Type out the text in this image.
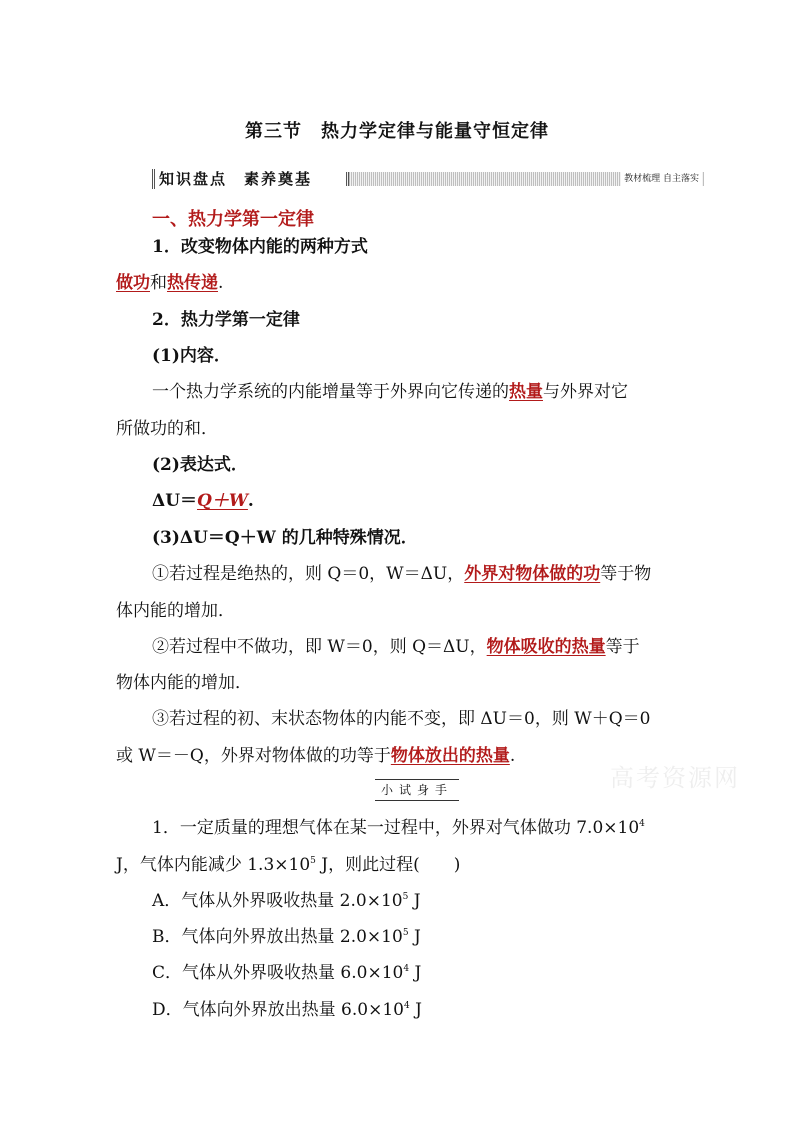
第三节　热力学定律与能量守恒定律
知识盘点　素养奠基	教材梳理 自主落实
一、热力学第一定律
1．改变物体内能的两种方式
做功和热传递.
2．热力学第一定律
(1)内容．
一个热力学系统的内能增量等于外界向它传递的热量与外界对它
所做功的和．
(2)表达式．
ΔU＝Q＋W.
(3)ΔU＝Q＋W 的几种特殊情况．
①若过程是绝热的，则 Q＝0，W＝ΔU，外界对物体做的功等于物
体内能的增加．
②若过程中不做功，即 W＝0，则 Q＝ΔU，物体吸收的热量等于
物体内能的增加．
③若过程的初、末状态物体的内能不变，即 ΔU＝0，则 W＋Q＝0
或 W＝－Q，外界对物体做的功等于物体放出的热量.
小试身手	高考资源网
1．一定质量的理想气体在某一过程中，外界对气体做功 $7.0\times 10^4$
J，气体内能减少 $1.3\times 10^5$ J，则此过程(　　)
A．气体从外界吸收热量 $2.0\times 10^5$ J
B．气体向外界放出热量 $2.0\times 10^5$ J
C．气体从外界吸收热量 $6.0\times 10^4$ J
D．气体向外界放出热量 $6.0\times 10^4$ J
